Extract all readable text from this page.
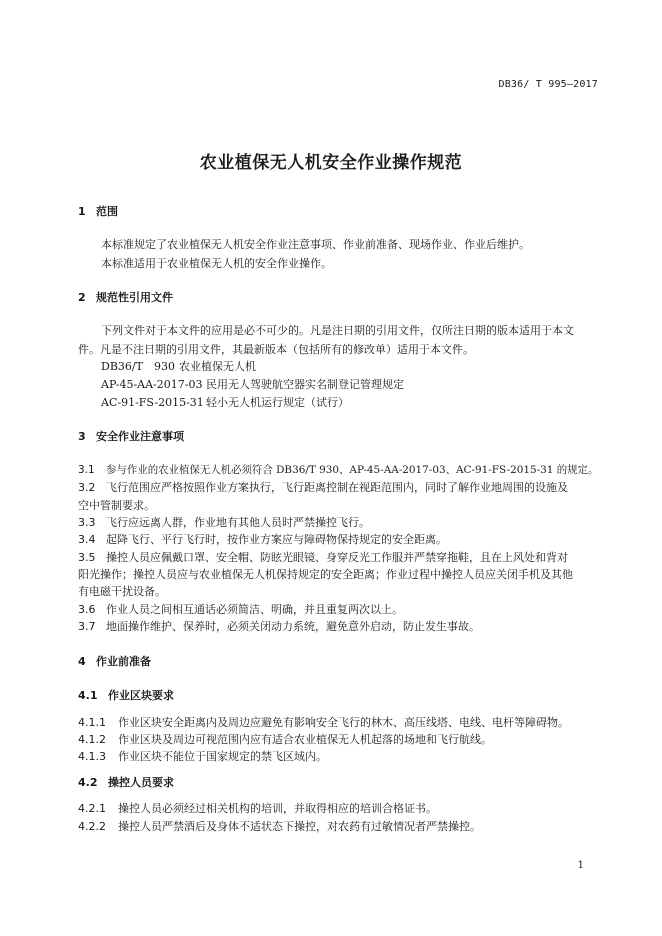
DB36/ T 995—2017
农业植保无人机安全作业操作规范
1 范围
本标准规定了农业植保无人机安全作业注意事项、作业前准备、现场作业、作业后维护。
本标准适用于农业植保无人机的安全作业操作。
2 规范性引用文件
下列文件对于本文件的应用是必不可少的。凡是注日期的引用文件，仅所注日期的版本适用于本文
件。凡是不注日期的引用文件，其最新版本（包括所有的修改单）适用于本文件。
DB36/T　930 农业植保无人机
AP-45-AA-2017-03 民用无人驾驶航空器实名制登记管理规定
AC-91-FS-2015-31 轻小无人机运行规定（试行）
3 安全作业注意事项
3.1 参与作业的农业植保无人机必须符合 DB36/T 930、AP-45-AA-2017-03、AC-91-FS-2015-31 的规定。
3.2 飞行范围应严格按照作业方案执行，飞行距离控制在视距范围内，同时了解作业地周围的设施及
空中管制要求。
3.3 飞行应远离人群，作业地有其他人员时严禁操控飞行。
3.4 起降飞行、平行飞行时，按作业方案应与障碍物保持规定的安全距离。
3.5 操控人员应佩戴口罩、安全帽、防眩光眼镜、身穿反光工作服并严禁穿拖鞋，且在上风处和背对
阳光操作；操控人员应与农业植保无人机保持规定的安全距离；作业过程中操控人员应关闭手机及其他
有电磁干扰设备。
3.6 作业人员之间相互通话必须简洁、明确，并且重复两次以上。
3.7 地面操作维护、保养时，必须关闭动力系统，避免意外启动，防止发生事故。
4 作业前准备
4.1 作业区块要求
4.1.1 作业区块安全距离内及周边应避免有影响安全飞行的林木、高压线塔、电线、电杆等障碍物。
4.1.2 作业区块及周边可视范围内应有适合农业植保无人机起落的场地和飞行航线。
4.1.3 作业区块不能位于国家规定的禁飞区域内。
4.2 操控人员要求
4.2.1 操控人员必须经过相关机构的培训，并取得相应的培训合格证书。
4.2.2 操控人员严禁酒后及身体不适状态下操控，对农药有过敏情况者严禁操控。
1
